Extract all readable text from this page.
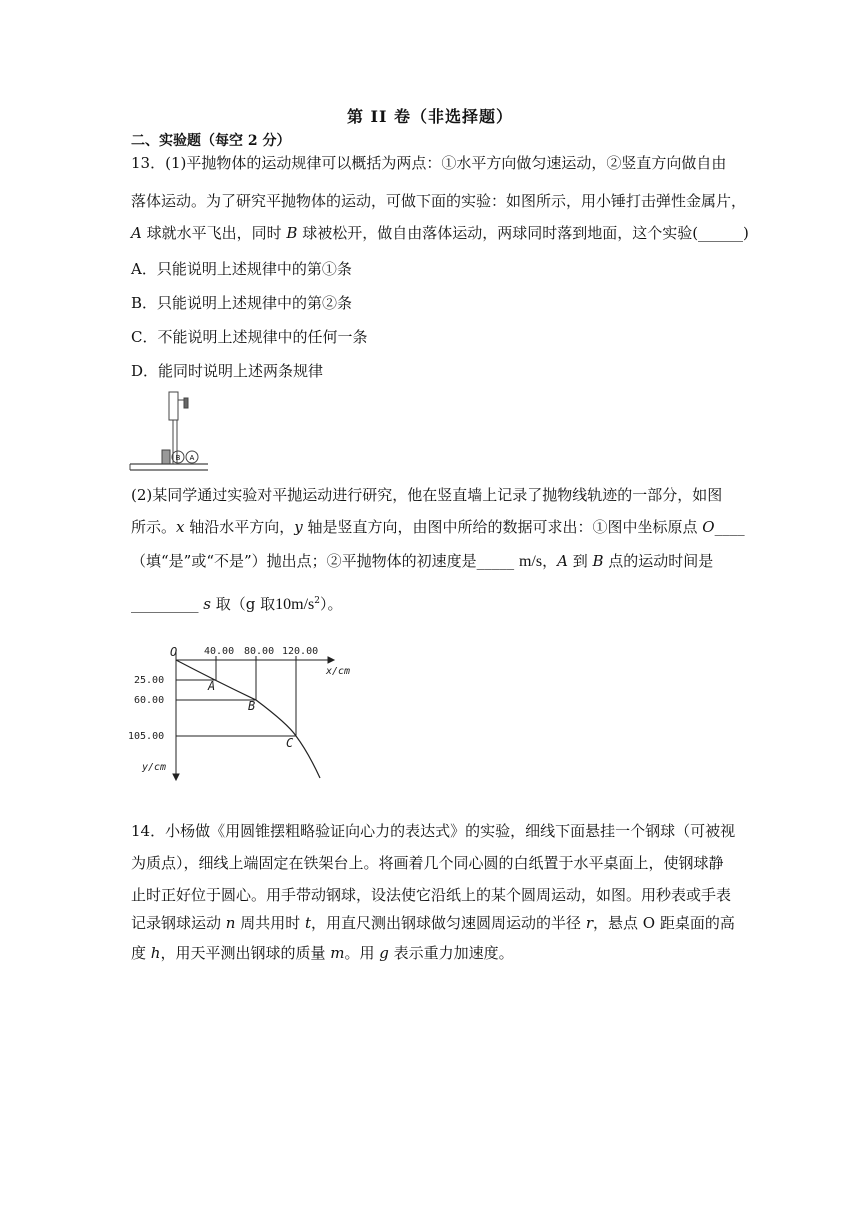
第 II 卷（非选择题）
二、实验题（每空 2 分）
13．(1)平抛物体的运动规律可以概括为两点：①水平方向做匀速运动，②竖直方向做自由
落体运动。为了研究平抛物体的运动，可做下面的实验：如图所示，用小锤打击弹性金属片，
A 球就水平飞出，同时 B 球被松开，做自由落体运动，两球同时落到地面，这个实验(______)
A．只能说明上述规律中的第①条
B．只能说明上述规律中的第②条
C．不能说明上述规律中的任何一条
D．能同时说明上述两条规律
B A
(2)某同学通过实验对平抛运动进行研究，他在竖直墙上记录了抛物线轨迹的一部分，如图
所示。x 轴沿水平方向，y 轴是竖直方向，由图中所给的数据可求出：①图中坐标原点 O____
（填“是”或“不是”）抛出点；②平抛物体的初速度是_____ m/s，A 到 B 点的运动时间是
_________ s 取（g 取$10m/s^2$）。
O	40.00 80.00 120.00
x/cm
25.00
60.00
105.00
y/cm
A
B
C
14．小杨做《用圆锥摆粗略验证向心力的表达式》的实验，细线下面悬挂一个钢球（可被视
为质点），细线上端固定在铁架台上。将画着几个同心圆的白纸置于水平桌面上，使钢球静
止时正好位于圆心。用手带动钢球，设法使它沿纸上的某个圆周运动，如图。用秒表或手表
记录钢球运动 n 周共用时 t，用直尺测出钢球做匀速圆周运动的半径 r，悬点 O 距桌面的高
度 h，用天平测出钢球的质量 m。用 g 表示重力加速度。
